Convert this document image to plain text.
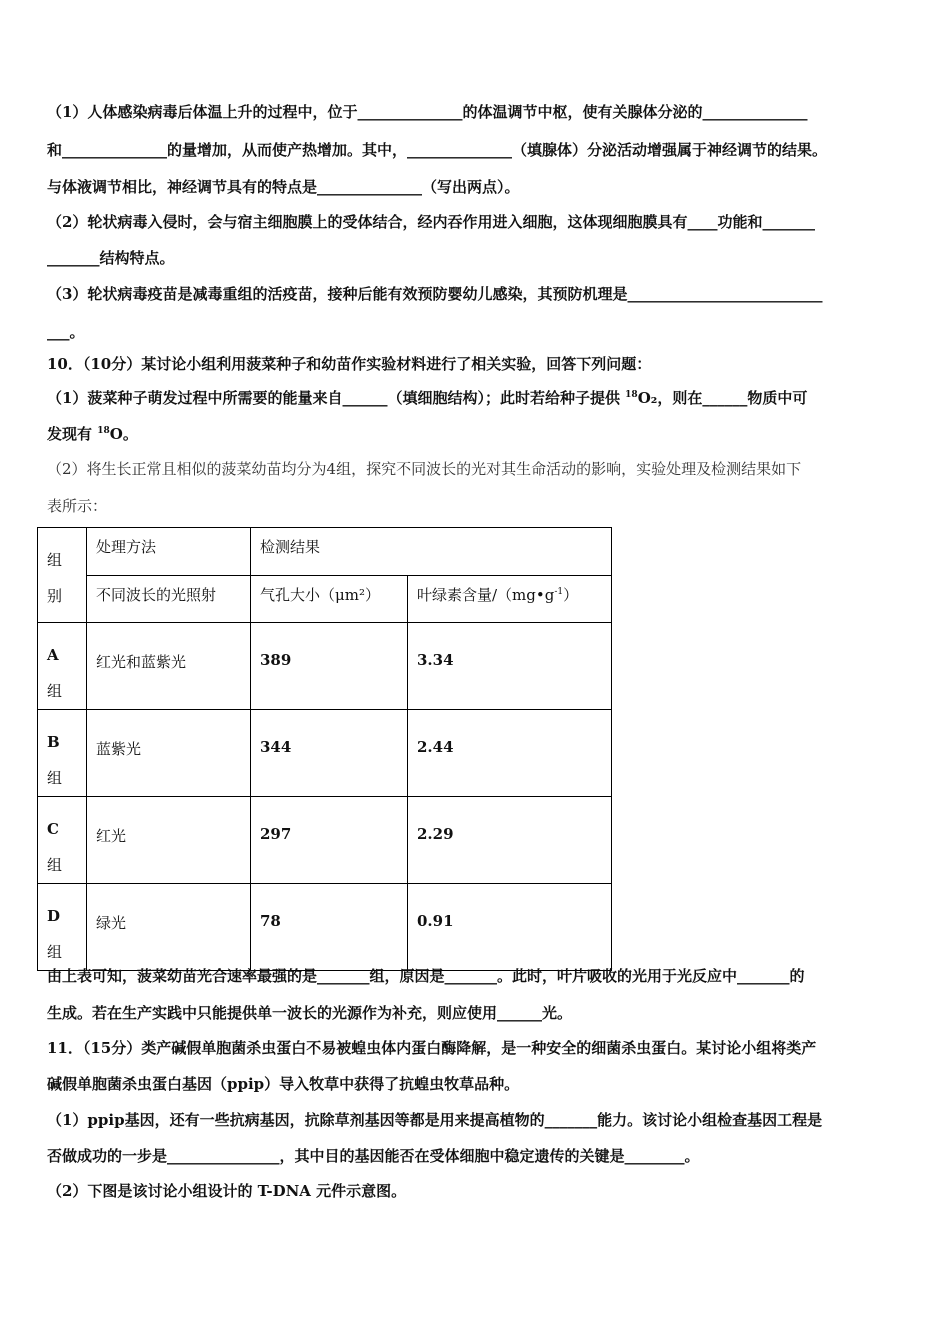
（1）人体感染病毒后体温上升的过程中，位于______________的体温调节中枢，使有关腺体分泌的______________
和______________的量增加，从而使产热增加。其中，______________（填腺体）分泌活动增强属于神经调节的结果。
与体液调节相比，神经调节具有的特点是______________（写出两点）。
（2）轮状病毒入侵时，会与宿主细胞膜上的受体结合，经内吞作用进入细胞，这体现细胞膜具有____功能和_______
_______结构特点。
（3）轮状病毒疫苗是减毒重组的活疫苗，接种后能有效预防婴幼儿感染，其预防机理是__________________________
___。
10．（10分）某讨论小组利用菠菜种子和幼苗作实验材料进行了相关实验，回答下列问题：
（1）菠菜种子萌发过程中所需要的能量来自______（填细胞结构）；此时若给种子提供 $^{18}$O₂，则在______物质中可
发现有 $^{18}$O。
（2）将生长正常且相似的菠菜幼苗均分为4组，探究不同波长的光对其生命活动的影响，实验处理及检测结果如下
表所示：
组
别	处理方法	检测结果	
	不同波长的光照射	气孔大小（μm²）	叶绿素含量$/(mg•g^{-1})$
A
组	红光和蓝紫光	389	3.34
B
组	蓝紫光	344	2.44
C
组	红光	297	2.29
D
组	绿光	78	0.91
由上表可知，菠菜幼苗光合速率最强的是_______组，原因是_______。此时，叶片吸收的光用于光反应中_______的
生成。若在生产实践中只能提供单一波长的光源作为补充，则应使用______光。
11．（15分）类产碱假单胞菌杀虫蛋白不易被蝗虫体内蛋白酶降解，是一种安全的细菌杀虫蛋白。某讨论小组将类产
碱假单胞菌杀虫蛋白基因（ppip）导入牧草中获得了抗蝗虫牧草品种。
（1）ppip基因，还有一些抗病基因，抗除草剂基因等都是用来提高植物的_______能力。该讨论小组检查基因工程是
否做成功的一步是_______________，其中目的基因能否在受体细胞中稳定遗传的关键是________。
（2）下图是该讨论小组设计的 T-DNA 元件示意图。
